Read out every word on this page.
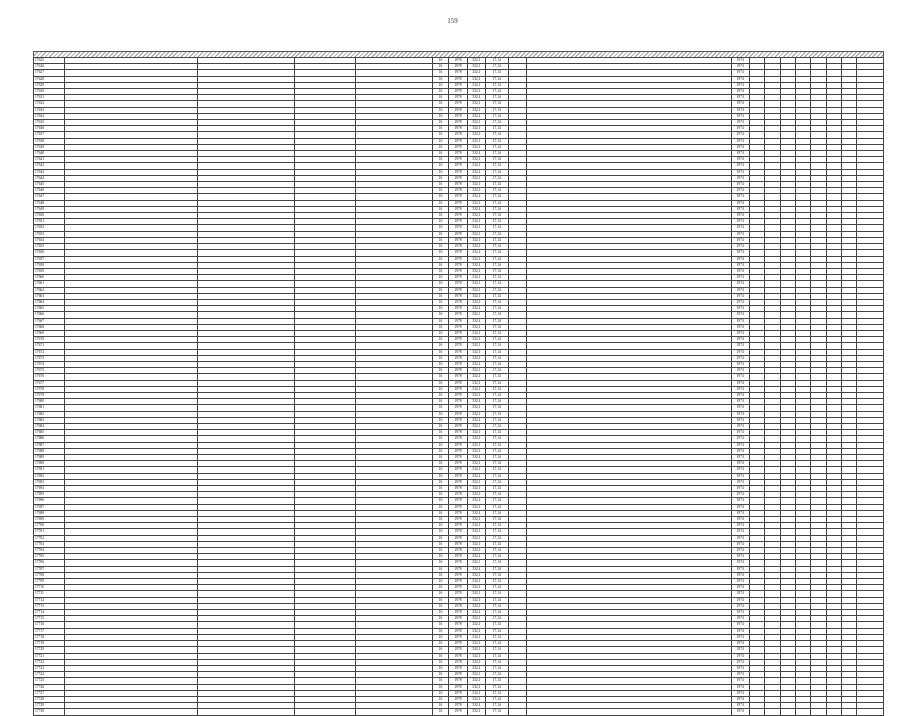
159
17625					16	1978	332,1	17,14			1974								
17626					16	1978	332,1	17,14			1974								
17627					16	1978	332,1	17,14			1974								
17628					16	1978	332,1	17,14			1974								
17629					16	1978	332,1	17,14			1974								
17630					16	1978	332,1	17,14			1974								
17631					16	1978	332,1	17,14			1974								
17632					16	1978	332,1	17,14			1974								
17633					16	1978	332,1	17,14			1974								
17634					16	1978	332,1	17,14			1974								
17635					16	1978	332,1	17,14			1974								
17636					16	1978	332,1	17,14			1974								
17637					16	1978	332,1	17,14			1974								
17638					16	1978	332,1	17,14			1974								
17639					16	1978	332,1	17,14			1974								
17640					16	1978	332,1	17,14			1974								
17641					16	1978	332,1	17,14			1974								
17642					16	1978	332,1	17,14			1974								
17643					16	1978	332,1	17,14			1974								
17644					16	1978	332,1	17,14			1974								
17645					16	1978	332,1	17,14			1974								
17646					16	1978	332,1	17,14			1974								
17647					16	1978	332,1	17,14			1974								
17648					16	1978	332,1	17,14			1974								
17649					16	1978	332,1	17,14			1974								
17650					16	1978	332,1	17,14			1974								
17651					16	1978	332,1	17,14			1974								
17652					16	1978	332,1	17,14			1974								
17653					16	1978	332,1	17,14			1974								
17654					16	1978	332,1	17,14			1974								
17655					16	1978	332,1	17,14			1974								
17656					16	1978	332,1	17,14			1974								
17657					16	1978	332,1	17,14			1974								
17658					16	1978	332,1	17,14			1974								
17659					16	1978	332,1	17,14			1974								
17660					16	1978	332,1	17,14			1974								
17661					16	1978	332,1	17,14			1974								
17662					16	1978	332,1	17,14			1974								
17663					16	1978	332,1	17,14			1974								
17664					16	1978	332,1	17,14			1974								
17665					16	1978	332,1	17,14			1974								
17666					16	1978	332,1	17,14			1974								
17667					16	1978	332,1	17,14			1974								
17668					16	1978	332,1	17,14			1974								
17669					16	1978	332,1	17,14			1974								
17670					16	1978	332,1	17,14			1974								
17671					16	1978	332,1	17,14			1974								
17672					16	1978	332,1	17,14			1974								
17673					16	1978	332,1	17,14			1974								
17674					16	1978	332,1	17,14			1974								
17675					16	1978	332,1	17,14			1974								
17676					16	1978	332,1	17,14			1974								
17677					16	1978	332,1	17,14			1974								
17678					16	1978	332,1	17,14			1974								
17679					16	1978	332,1	17,14			1974								
17680					16	1978	332,1	17,14			1974								
17681					16	1978	332,1	17,14			1974								
17682					16	1978	332,1	17,14			1974								
17683					16	1978	332,1	17,14			1974								
17684					16	1978	332,1	17,14			1974								
17685					16	1978	332,1	17,14			1974								
17686					16	1978	332,1	17,14			1974								
17687					16	1978	332,1	17,14			1974								
17688					16	1978	332,1	17,14			1974								
17689					16	1978	332,1	17,14			1974								
17690					16	1978	332,1	17,14			1974								
17691					16	1978	332,1	17,14			1974								
17692					16	1978	332,1	17,14			1974								
17693					16	1978	332,1	17,14			1974								
17694					16	1978	332,1	17,14			1974								
17695					16	1978	332,1	17,14			1974								
17696					16	1978	332,1	17,14			1974								
17697					16	1978	332,1	17,14			1974								
17698					16	1978	332,1	17,14			1974								
17699					16	1978	332,1	17,14			1974								
17700					16	1978	332,1	17,14			1974								
17701					16	1978	332,1	17,14			1974								
17702					16	1978	332,1	17,14			1974								
17703					16	1978	332,1	17,14			1974								
17704					16	1978	332,1	17,14			1974								
17705					16	1978	332,1	17,14			1974								
17706					16	1978	332,1	17,14			1974								
17707					16	1978	332,1	17,14			1974								
17708					16	1978	332,1	17,14			1974								
17709					16	1978	332,1	17,14			1974								
17710					16	1978	332,1	17,14			1974								
17711					16	1978	332,1	17,14			1974								
17712					16	1978	332,1	17,14			1974								
17713					16	1978	332,1	17,14			1974								
17714					16	1978	332,1	17,14			1974								
17715					16	1978	332,1	17,14			1974								
17716					16	1978	332,1	17,14			1974								
17717					16	1978	332,1	17,14			1974								
17718					16	1978	332,1	17,14			1974								
17719					16	1978	332,1	17,14			1974								
17720					16	1978	332,1	17,14			1974								
17721					16	1978	332,1	17,14			1974								
17722					16	1978	332,1	17,14			1974								
17723					16	1978	332,1	17,14			1974								
17724					16	1978	332,1	17,14			1974								
17725					16	1978	332,1	17,14			1974								
17726					16	1978	332,1	17,14			1974								
17727					16	1978	332,1	17,14			1974								
17728					16	1978	332,1	17,14			1974								
17729					16	1978	332,1	17,14			1974								
17730					16	1978	332,1	17,14			1974								
